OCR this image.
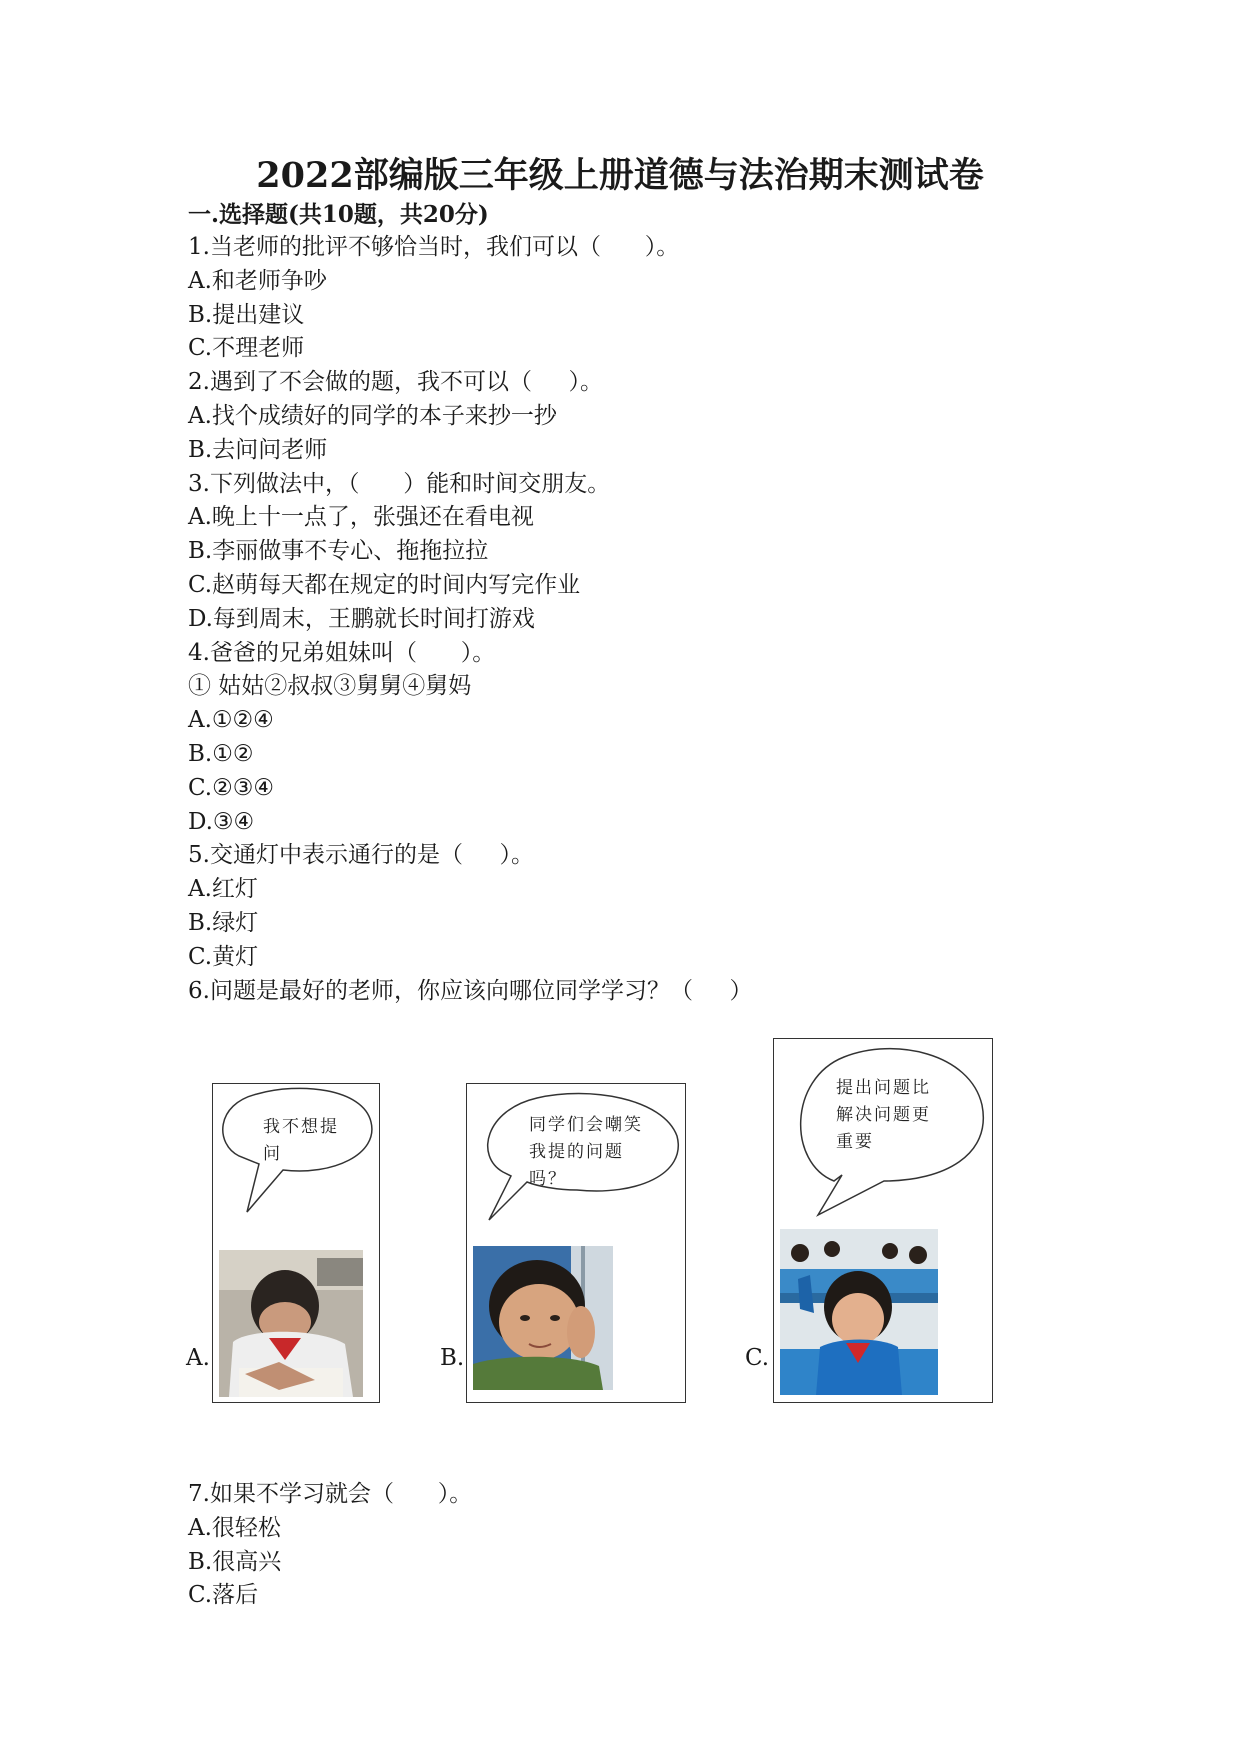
2022部编版三年级上册道德与法治期末测试卷
一.选择题(共10题，共20分)
1.当老师的批评不够恰当时，我们可以（      ）。
A.和老师争吵
B.提出建议
C.不理老师
2.遇到了不会做的题，我不可以（     ）。
A.找个成绩好的同学的本子来抄一抄
B.去问问老师
3.下列做法中，（      ）能和时间交朋友。
A.晚上十一点了，张强还在看电视
B.李丽做事不专心、拖拖拉拉
C.赵萌每天都在规定的时间内写完作业
D.每到周末，王鹏就长时间打游戏
4.爸爸的兄弟姐妹叫（      ）。
① 姑姑②叔叔③舅舅④舅妈
A.①②④
B.①②
C.②③④
D.③④
5.交通灯中表示通行的是（     ）。
A.红灯
B.绿灯
C.黄灯
6.问题是最好的老师，你应该向哪位同学学习？（     ）
A.
我不想提
问
B.
同学们会嘲笑
我提的问题
吗？
C.
提出问题比
解决问题更
重要
7.如果不学习就会（      ）。
A.很轻松
B.很高兴
C.落后
